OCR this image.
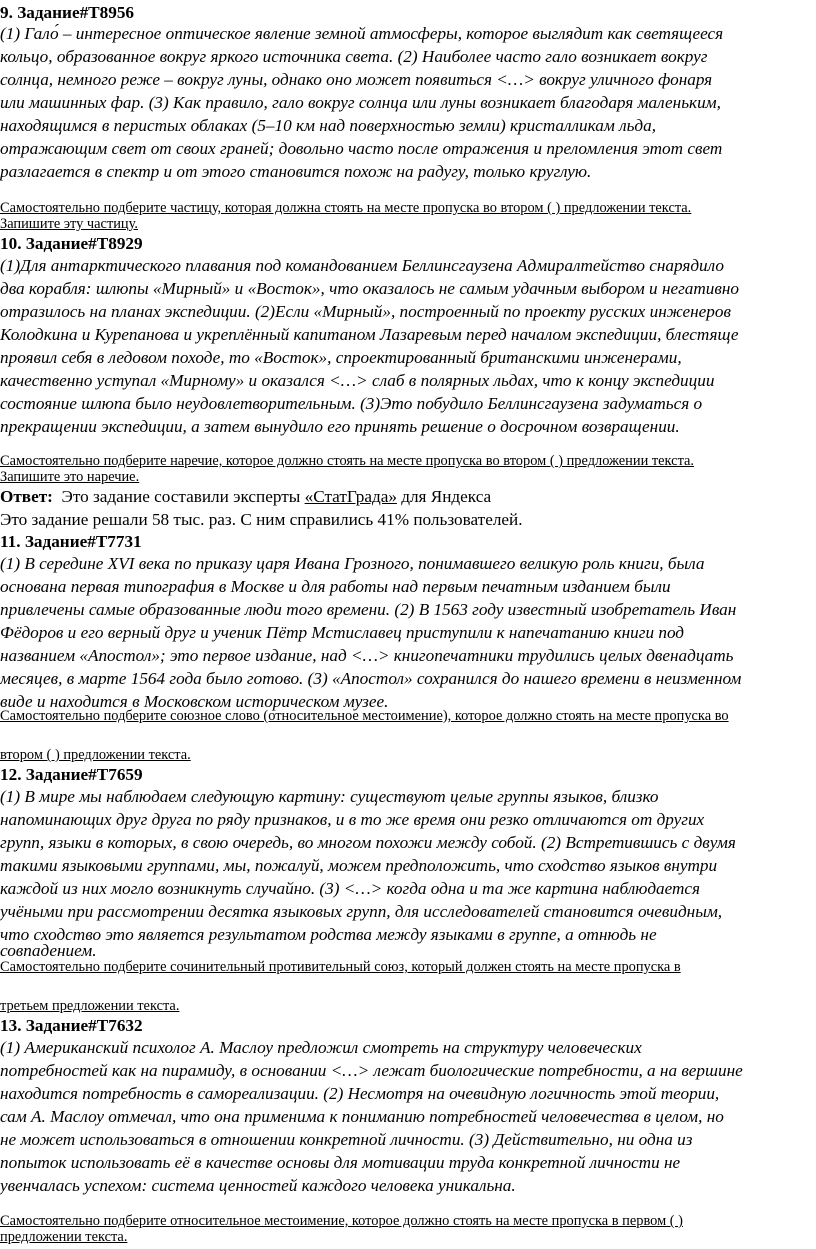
9. Задание#T8956
(1) Гало́ – интересное оптическое явление земной атмосферы, которое выглядит как светящееся
кольцо, образованное вокруг яркого источника света. (2) Наиболее часто гало возникает вокруг
солнца, немного реже – вокруг луны, однако оно может появиться <…> вокруг уличного фонаря
или машинных фар. (3) Как правило, гало вокруг солнца или луны возникает благодаря маленьким,
находящимся в перистых облаках (5–10 км над поверхностью земли) кристалликам льда,
отражающим свет от своих граней; довольно часто после отражения и преломления этот свет
разлагается в спектр и от этого становится похож на радугу, только круглую.
Самостоятельно подберите частицу, которая должна стоять на месте пропуска во втором ( ) предложении текста.
Запишите эту частицу.
10. Задание#T8929
(1)Для антарктического плавания под командованием Беллинсгаузена Адмиралтейство снарядило
два корабля: шлюпы «Мирный» и «Восток», что оказалось не самым удачным выбором и негативно
отразилось на планах экспедиции. (2)Если «Мирный», построенный по проекту русских инженеров
Колодкина и Курепанова и укреплённый капитаном Лазаревым перед началом экспедиции, блестяще
проявил себя в ледовом походе, то «Восток», спроектированный британскими инженерами,
качественно уступал «Мирному» и оказался <…> слаб в полярных льдах, что к концу экспедиции
состояние шлюпа было неудовлетворительным. (3)Это побудило Беллинсгаузена задуматься о
прекращении экспедиции, а затем вынудило его принять решение о досрочном возвращении.
Самостоятельно подберите наречие, которое должно стоять на месте пропуска во втором ( ) предложении текста.
Запишите это наречие.
Ответ:  Это задание составили эксперты «СтатГрада» для Яндекса
Это задание решали 58 тыс. раз. С ним справились 41% пользователей.
11. Задание#T7731
(1) В середине XVI века по приказу царя Ивана Грозного, понимавшего великую роль книги, была
основана первая типография в Москве и для работы над первым печатным изданием были
привлечены самые образованные люди того времени. (2) В 1563 году известный изобретатель Иван
Фёдоров и его верный друг и ученик Пётр Мстиславец приступили к напечатанию книги под
названием «Апостол»; это первое издание, над <…> книгопечатники трудились целых двенадцать
месяцев, в марте 1564 года было готово. (3) «Апостол» сохранился до нашего времени в неизменном
виде и находится в Московском историческом музее.
Самостоятельно подберите союзное слово (относительное местоимение), которое должно стоять на месте пропуска во
втором ( ) предложении текста.
12. Задание#T7659
(1) В мире мы наблюдаем следующую картину: существуют целые группы языков, близко
напоминающих друг друга по ряду признаков, и в то же время они резко отличаются от других
групп, языки в которых, в свою очередь, во многом похожи между собой. (2) Встретившись с двумя
такими языковыми группами, мы, пожалуй, можем предположить, что сходство языков внутри
каждой из них могло возникнуть случайно. (3) <…> когда одна и та же картина наблюдается
учёными при рассмотрении десятка языковых групп, для исследователей становится очевидным,
что сходство это является результатом родства между языками в группе, а отнюдь не
совпадением.
Самостоятельно подберите сочинительный противительный союз, который должен стоять на месте пропуска в
третьем предложении текста.
13. Задание#T7632
(1) Американский психолог А. Маслоу предложил смотреть на структуру человеческих
потребностей как на пирамиду, в основании <…> лежат биологические потребности, а на вершине
находится потребность в самореализации. (2) Несмотря на очевидную логичность этой теории,
сам А. Маслоу отмечал, что она применима к пониманию потребностей человечества в целом, но
не может использоваться в отношении конкретной личности. (3) Действительно, ни одна из
попыток использовать её в качестве основы для мотивации труда конкретной личности не
увенчалась успехом: система ценностей каждого человека уникальна.
Самостоятельно подберите относительное местоимение, которое должно стоять на месте пропуска в первом ( )
предложении текста.
